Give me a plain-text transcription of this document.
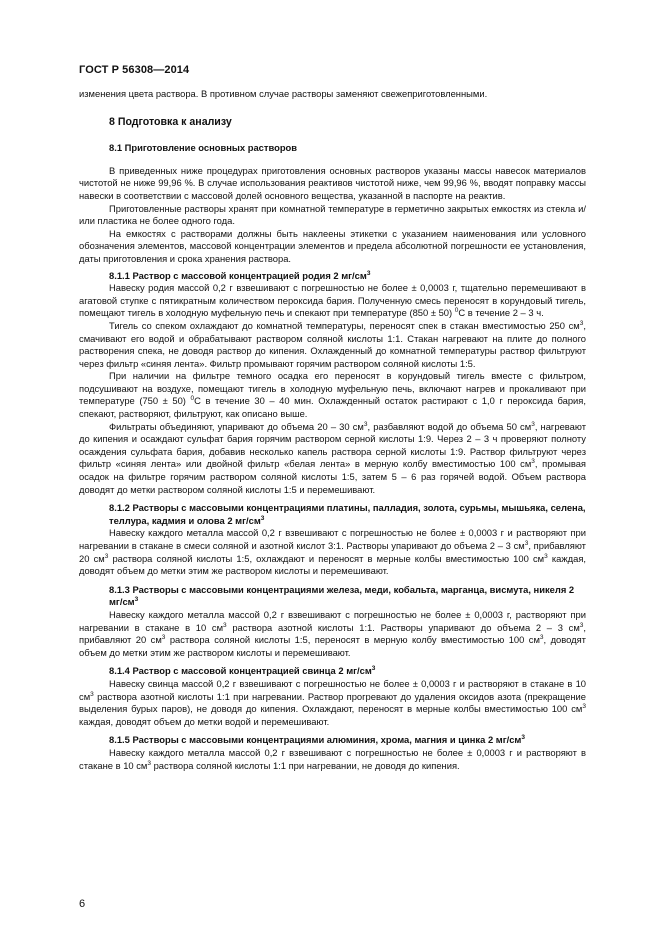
ГОСТ Р 56308—2014

изменения цвета раствора. В противном случае растворы заменяют свежеприготовленными.

8 Подготовка к анализу
8.1 Приготовление основных растворов

В приведенных ниже процедурах приготовления основных растворов указаны массы навесок материалов чистотой не ниже 99,96 %. В случае использования реактивов чистотой ниже, чем 99,96 %, вводят поправку массы навески в соответствии с массовой долей основного вещества, указанной в паспорте на реактив.

Приготовленные растворы хранят при комнатной температуре в герметично закрытых емкостях из стекла и/или пластика не более одного года.

На емкостях с растворами должны быть наклеены этикетки с указанием наименования или условного обозначения элементов, массовой концентрации элементов и предела абсолютной погрешности ее установления, даты приготовления и срока хранения раствора.

8.1.1 Раствор с массовой концентрацией родия 2 $мг/см^3$

Навеску родия массой 0,2 г взвешивают с погрешностью не более ± 0,0003 г, тщательно перемешивают в агатовой ступке с пятикратным количеством пероксида бария. Полученную смесь переносят в корундовый тигель, помещают тигель в холодную муфельную печь и спекают при температуре (850 ± 50) $^0$С в течение 2 – 3 ч.

Тигель со спеком охлаждают до комнатной температуры, переносят спек в стакан вместимостью 250 $см^3$, смачивают его водой и обрабатывают раствором соляной кислоты 1:1. Стакан нагревают на плите до полного растворения спека, не доводя раствор до кипения. Охлажденный до комнатной температуры раствор фильтруют через фильтр «синяя лента». Фильтр промывают горячим раствором соляной кислоты 1:5.

При наличии на фильтре темного осадка его переносят в корундовый тигель вместе с фильтром, подсушивают на воздухе, помещают тигель в холодную муфельную печь, включают нагрев и прокаливают при температуре (750 ± 50) $^0$С в течение 30 – 40 мин. Охлажденный остаток растирают с 1,0 г пероксида бария, спекают, растворяют, фильтруют, как описано выше.

Фильтраты объединяют, упаривают до объема 20 – 30 $см^3$, разбавляют водой до объема 50 $см^3$, нагревают до кипения и осаждают сульфат бария горячим раствором серной кислоты 1:9. Через 2 – 3 ч проверяют полноту осаждения сульфата бария, добавив несколько капель раствора серной кислоты 1:9. Раствор фильтруют через фильтр «синяя лента» или двойной фильтр «белая лента» в мерную колбу вместимостью 100 $см^3$, промывая осадок на фильтре горячим раствором соляной кислоты 1:5, затем 5 – 6 раз горячей водой. Объем раствора доводят до метки раствором соляной кислоты 1:5 и перемешивают.

8.1.2 Растворы с массовыми концентрациями платины, палладия, золота, сурьмы, мышьяка, селена, теллура, кадмия и олова 2 $мг/см^3$

Навеску каждого металла массой 0,2 г взвешивают с погрешностью не более ± 0,0003 г и растворяют при нагревании в стакане в смеси соляной и азотной кислот 3:1. Растворы упаривают до объема 2 – 3 $см^3$, прибавляют 20 $см^3$ раствора соляной кислоты 1:5, охлаждают и переносят в мерные колбы вместимостью 100 $см^3$ каждая, доводят объем до метки этим же раствором кислоты и перемешивают.

8.1.3 Растворы с массовыми концентрациями железа, меди, кобальта, марганца, висмута, никеля 2 $мг/см^3$

Навеску каждого металла массой 0,2 г взвешивают с погрешностью не более ± 0,0003 г, растворяют при нагревании в стакане в 10 $см^3$ раствора азотной кислоты 1:1. Растворы упаривают до объема 2 – 3 $см^3$, прибавляют 20 $см^3$ раствора соляной кислоты 1:5, переносят в мерную колбу вместимостью 100 $см^3$, доводят объем до метки этим же раствором кислоты и перемешивают.

8.1.4 Раствор с массовой концентрацией свинца 2 $мг/см^3$

Навеску свинца массой 0,2 г взвешивают с погрешностью не более ± 0,0003 г и растворяют в стакане в 10 $см^3$ раствора азотной кислоты 1:1 при нагревании. Раствор прогревают до удаления оксидов азота (прекращение выделения бурых паров), не доводя до кипения. Охлаждают, переносят в мерные колбы вместимостью 100 $см^3$ каждая, доводят объем до метки водой и перемешивают.

8.1.5 Растворы с массовыми концентрациями алюминия, хрома, магния и цинка 2 $мг/см^3$

Навеску каждого металла массой 0,2 г взвешивают с погрешностью не более ± 0,0003 г и растворяют в стакане в 10 $см^3$ раствора соляной кислоты 1:1 при нагревании, не доводя до кипения.

6
